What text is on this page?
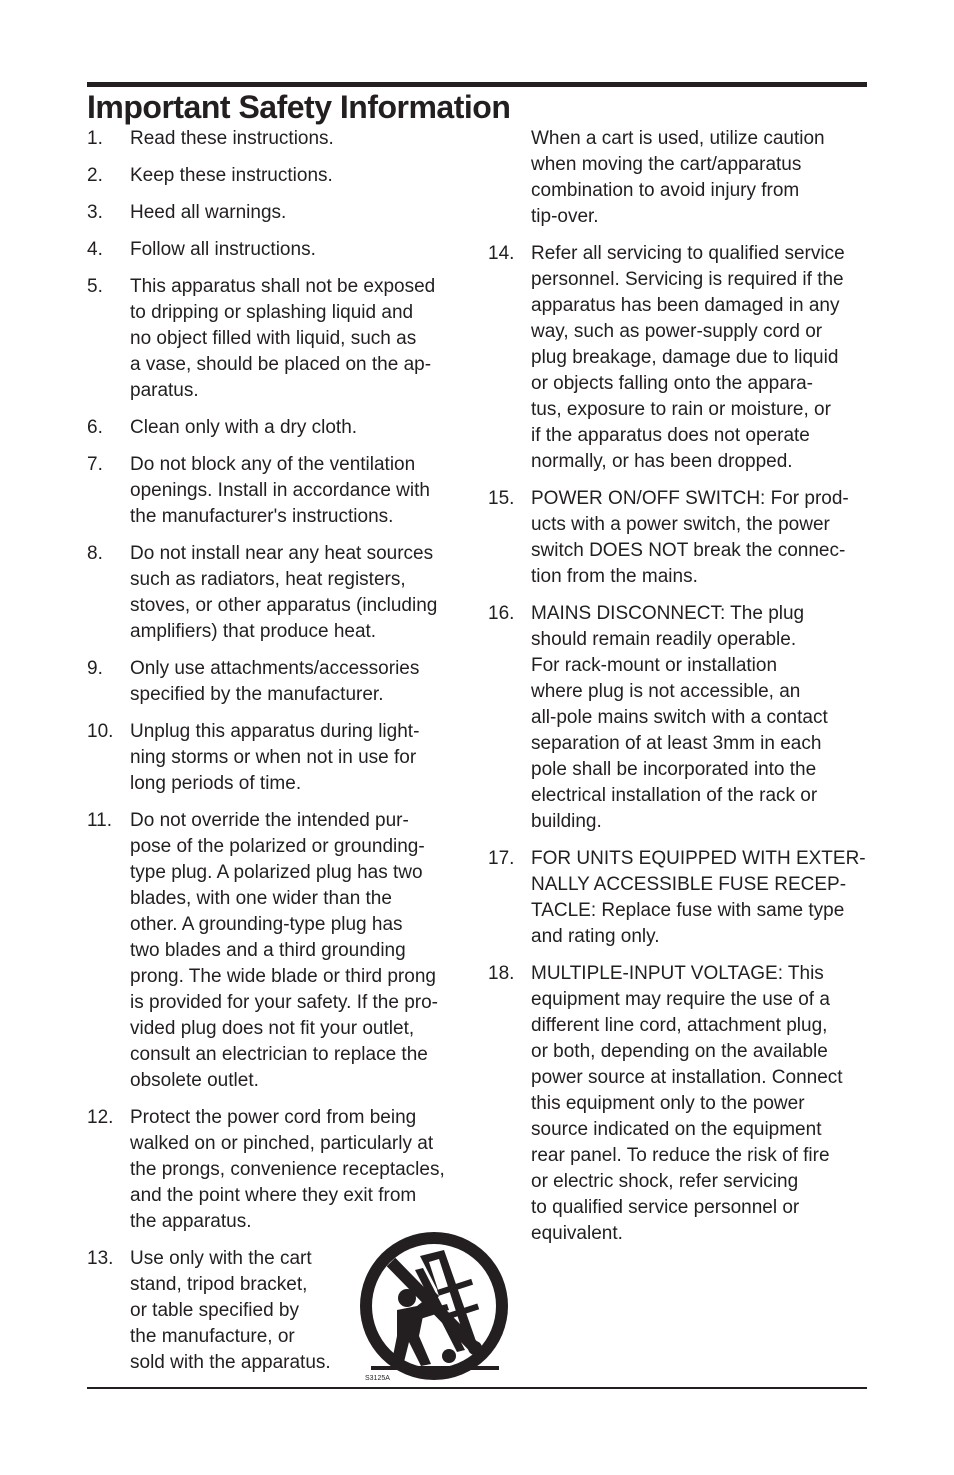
Important Safety Information
1.	Read these instructions.
2.	Keep these instructions.
3.	Heed all warnings.
4.	Follow all instructions.
5.	This apparatus shall not be exposed
to dripping or splashing liquid and
no object filled with liquid, such as
a vase, should be placed on the ap-
paratus.
6.	Clean only with a dry cloth.
7.	Do not block any of the ventilation
openings. Install in accordance with
the manufacturer's instructions.
8.	Do not install near any heat sources
such as radiators, heat registers,
stoves, or other apparatus (including
amplifiers) that produce heat.
9.	Only use attachments/accessories
specified by the manufacturer.
10. Unplug this apparatus during light-
ning storms or when not in use for
long periods of time.
11. Do not override the intended pur-
pose of the polarized or grounding-
type plug. A polarized plug has two
blades, with one wider than the
other. A grounding-type plug has
two blades and a third grounding
prong. The wide blade or third prong
is provided for your safety. If the pro-
vided plug does not fit your outlet,
consult an electrician to replace the
obsolete outlet.
12. Protect the power cord from being
walked on or pinched, particularly at
the prongs, convenience receptacles,
and the point where they exit from
the apparatus.
13. Use only with the cart
stand, tripod bracket,
or table specified by
the manufacture, or
sold with the apparatus.
S3125A
When a cart is used, utilize caution
when moving the cart/apparatus
combination to avoid injury from
tip-over.
14. Refer all servicing to qualified service
personnel. Servicing is required if the
apparatus has been damaged in any
way, such as power-supply cord or
plug breakage, damage due to liquid
or objects falling onto the appara-
tus, exposure to rain or moisture, or
if the apparatus does not operate
normally, or has been dropped.
15. POWER ON/OFF SWITCH: For prod-
ucts with a power switch, the power
switch DOES NOT break the connec-
tion from the mains.
16. MAINS DISCONNECT: The plug
should remain readily operable.
For rack-mount or installation
where plug is not accessible, an
all-pole mains switch with a contact
separation of at least 3mm in each
pole shall be incorporated into the
electrical installation of the rack or
building.
17. FOR UNITS EQUIPPED WITH EXTER-
NALLY ACCESSIBLE FUSE RECEP-
TACLE: Replace fuse with same type
and rating only.
18. MULTIPLE-INPUT VOLTAGE: This
equipment may require the use of a
different line cord, attachment plug,
or both, depending on the available
power source at installation. Connect
this equipment only to the power
source indicated on the equipment
rear panel. To reduce the risk of fire
or electric shock, refer servicing
to qualified service personnel or
equivalent.
